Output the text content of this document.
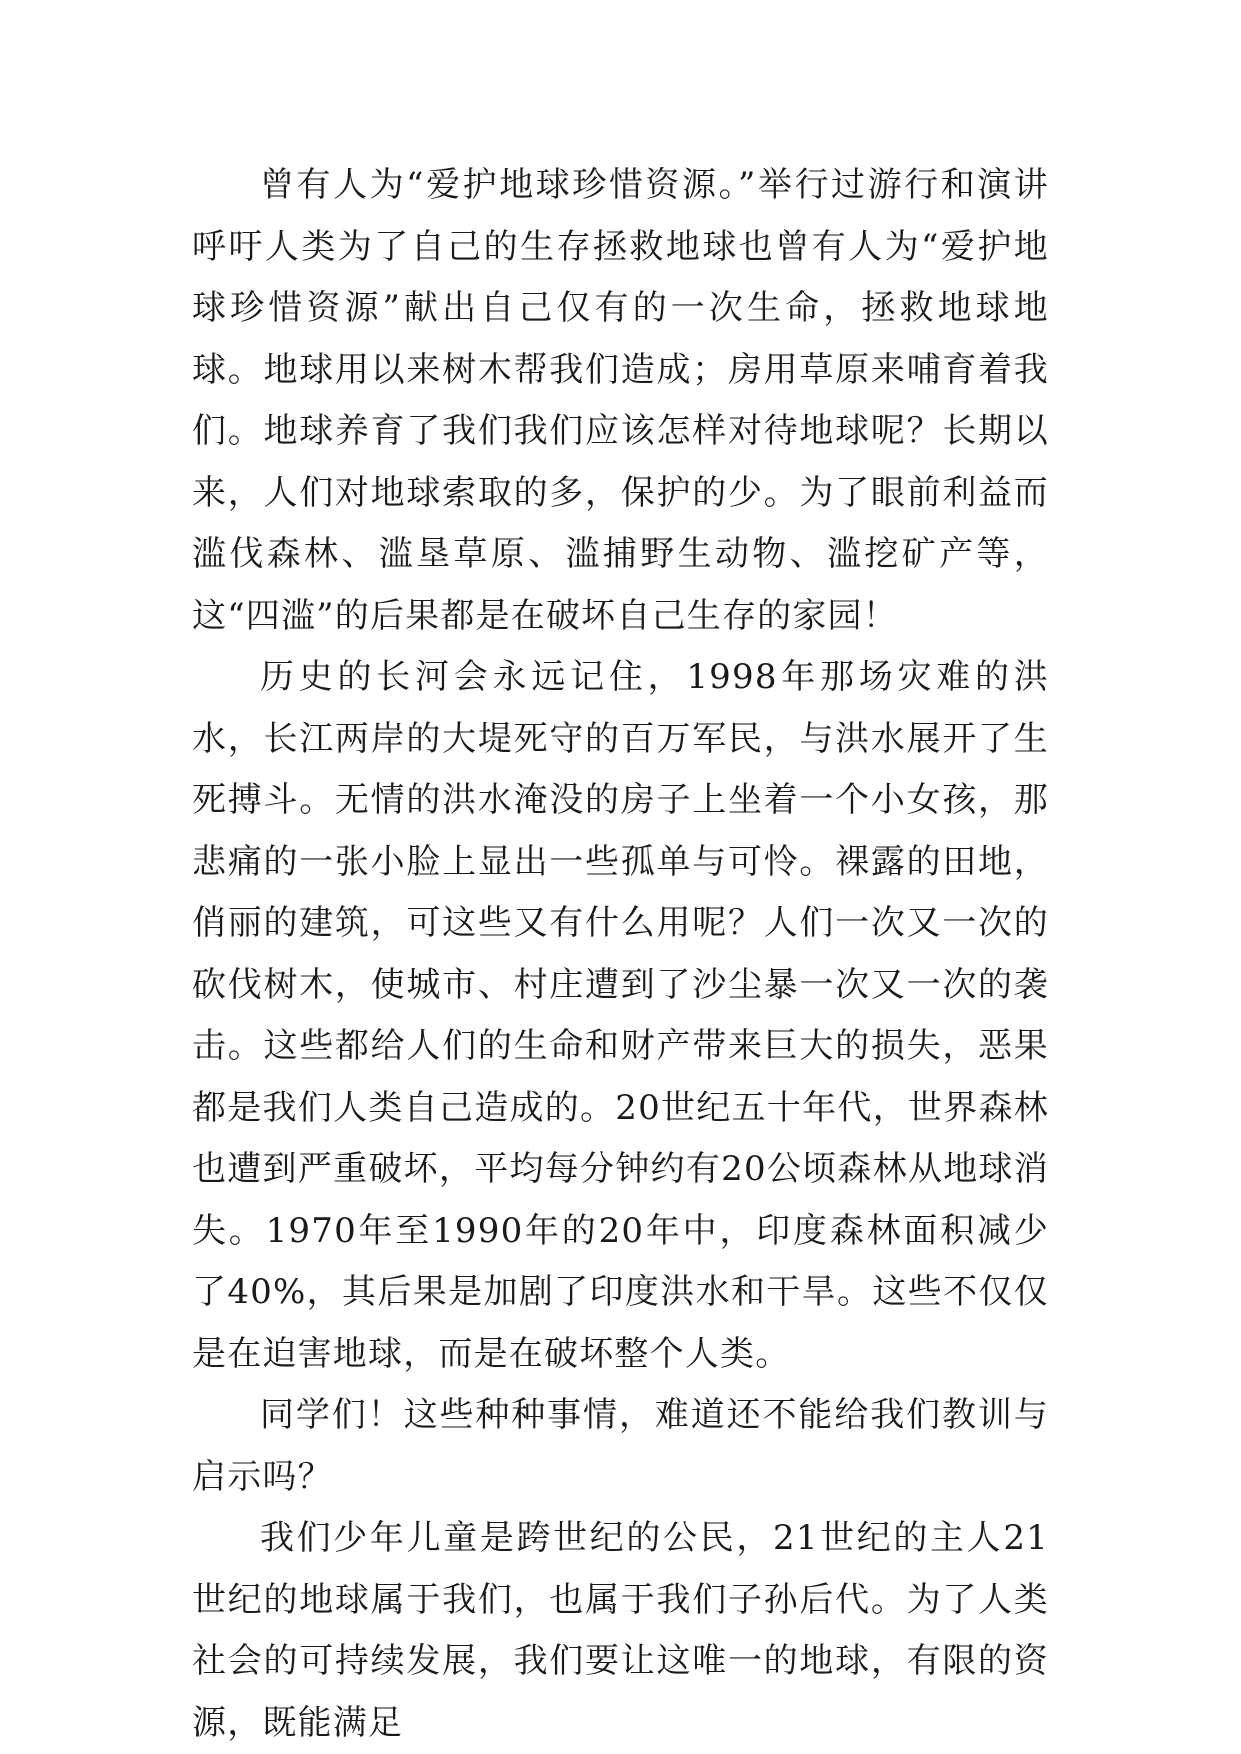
曾有人为“爱护地球珍惜资源。”举行过游行和演讲呼吁人类为了自己的生存拯救地球也曾有人为“爱护地球珍惜资源”献出自己仅有的一次生命，拯救地球地球。地球用以来树木帮我们造成；房用草原来哺育着我们。地球养育了我们我们应该怎样对待地球呢？长期以来，人们对地球索取的多，保护的少。为了眼前利益而滥伐森林、滥垦草原、滥捕野生动物、滥挖矿产等，这“四滥”的后果都是在破坏自己生存的家园！

历史的长河会永远记住，1998年那场灾难的洪水，长江两岸的大堤死守的百万军民，与洪水展开了生死搏斗。无情的洪水淹没的房子上坐着一个小女孩，那悲痛的一张小脸上显出一些孤单与可怜。裸露的田地，俏丽的建筑，可这些又有什么用呢？人们一次又一次的砍伐树木，使城市、村庄遭到了沙尘暴一次又一次的袭击。这些都给人们的生命和财产带来巨大的损失，恶果都是我们人类自己造成的。20世纪五十年代，世界森林也遭到严重破坏，平均每分钟约有20公顷森林从地球消失。1970年至1990年的20年中，印度森林面积减少了40%，其后果是加剧了印度洪水和干旱。这些不仅仅是在迫害地球，而是在破坏整个人类。

同学们！这些种种事情，难道还不能给我们教训与启示吗？

我们少年儿童是跨世纪的公民，21世纪的主人21世纪的地球属于我们，也属于我们子孙后代。为了人类社会的可持续发展，我们要让这唯一的地球，有限的资源，既能满足
